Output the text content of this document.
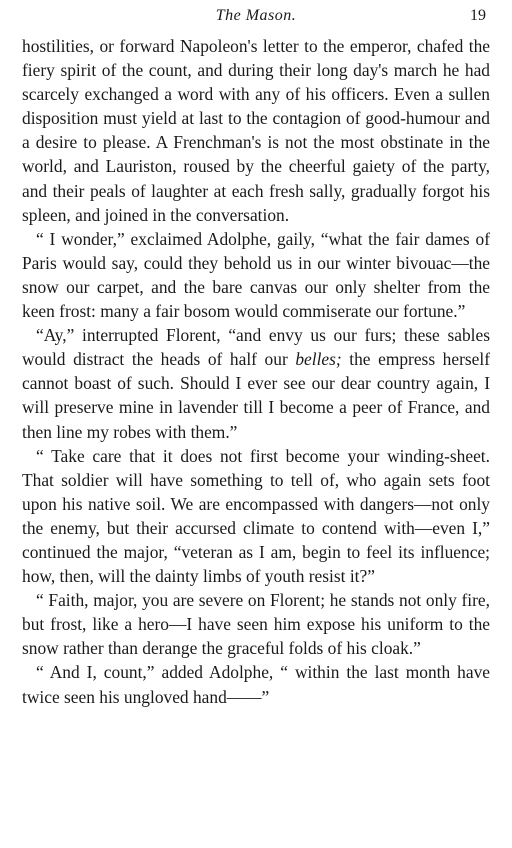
The Mason.	19

hostilities, or forward Napoleon's letter to the emperor, chafed the fiery spirit of the count, and during their long day's march he had scarcely exchanged a word with any of his officers. Even a sullen disposition must yield at last to the contagion of good-humour and a desire to please. A Frenchman's is not the most obstinate in the world, and Lauriston, roused by the cheerful gaiety of the party, and their peals of laughter at each fresh sally, gradually forgot his spleen, and joined in the conversation.

“ I wonder,” exclaimed Adolphe, gaily, “what the fair dames of Paris would say, could they behold us in our winter bivouac—the snow our carpet, and the bare canvas our only shelter from the keen frost: many a fair bosom would commiserate our fortune.”

“Ay,” interrupted Florent, “and envy us our furs; these sables would distract the heads of half our belles; the empress herself cannot boast of such. Should I ever see our dear country again, I will preserve mine in lavender till I become a peer of France, and then line my robes with them.”

“ Take care that it does not first become your winding-sheet. That soldier will have something to tell of, who again sets foot upon his native soil. We are encompassed with dangers—not only the enemy, but their accursed climate to contend with—even I,” continued the major, “veteran as I am, begin to feel its influence; how, then, will the dainty limbs of youth resist it?”

“ Faith, major, you are severe on Florent; he stands not only fire, but frost, like a hero—I have seen him expose his uniform to the snow rather than derange the graceful folds of his cloak.”

“ And I, count,” added Adolphe, “ within the last month have twice seen his ungloved hand——”
